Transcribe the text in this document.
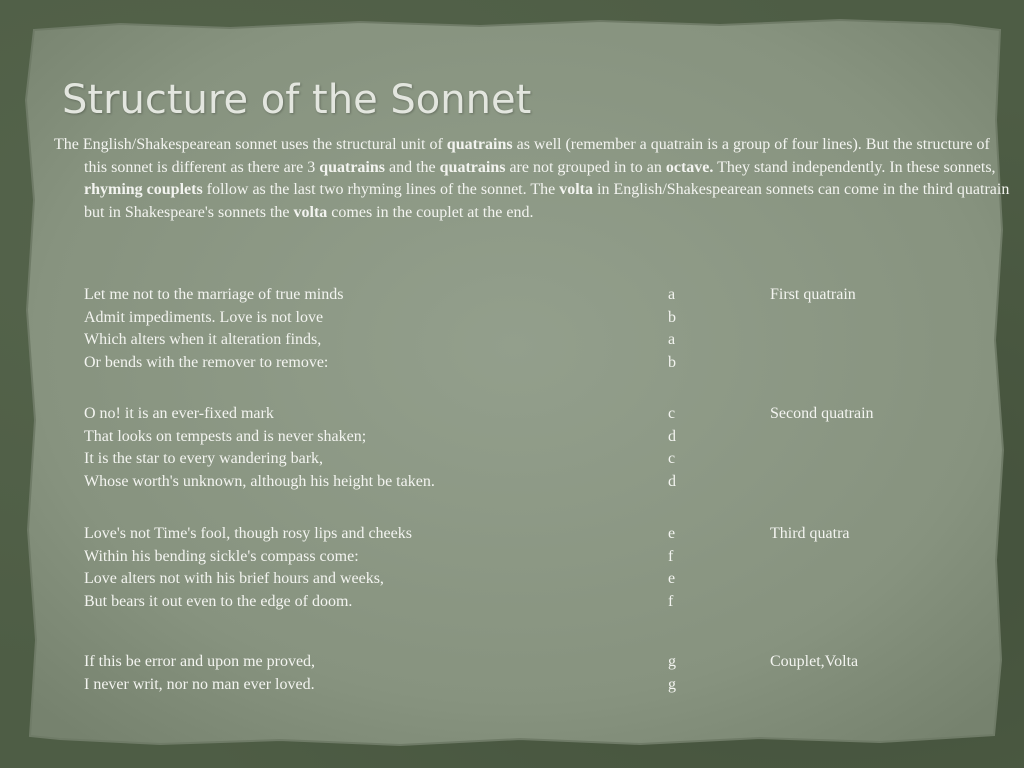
Structure of the Sonnet

The English/Shakespearean sonnet uses the structural unit of quatrains as well (remember a quatrain is a group of four lines). But the structure of this sonnet is different as there are 3 quatrains and the quatrains are not grouped in to an octave. They stand independently. In these sonnets, rhyming couplets follow as the last two rhyming lines of the sonnet. The volta in English/Shakespearean sonnets can come in the third quatrain but in Shakespeare's sonnets the volta comes in the couplet at the end.

Let me not to the marriage of true minds	a	First quatrain
Admit impediments. Love is not love	b
Which alters when it alteration finds,	a
Or bends with the remover to remove:	b
O no! it is an ever-fixed mark	c	Second quatrain
That looks on tempests and is never shaken;	d
It is the star to every wandering bark,	c
Whose worth's unknown, although his height be taken.	d
Love's not Time's fool, though rosy lips and cheeks	e	Third quatra
Within his bending sickle's compass come:	f
Love alters not with his brief hours and weeks,	e
But bears it out even to the edge of doom.	f
If this be error and upon me proved,	g	Couplet,Volta
I never writ, nor no man ever loved.	g
